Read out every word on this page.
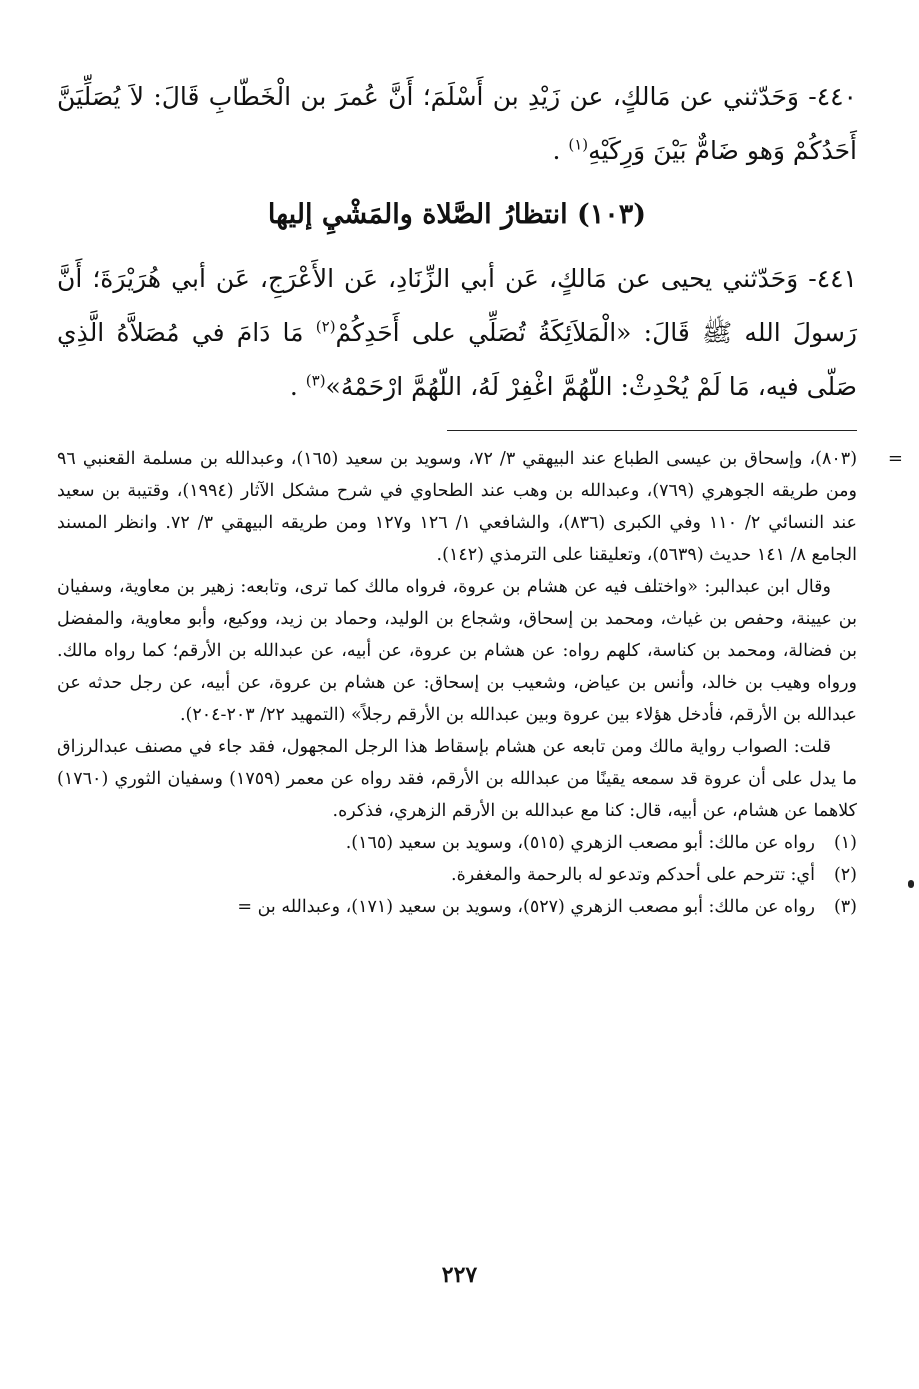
٤٤٠- وَحَدّثني عن مَالكٍ، عن زَيْدِ بن أَسْلَمَ؛ أَنَّ عُمرَ بن الْخَطّابِ قَالَ: لاَ يُصَلِّيَنَّ أَحَدُكُمْ وَهو ضَامٌّ بَيْنَ وَرِكَيْهِ$^{(١)}$ .

(١٠٣) انتظارُ الصَّلاة والمَشْيِ إليها

٤٤١- وَحَدّثني يحيى عن مَالكٍ، عَن أبي الزِّنَادِ، عَن الأَعْرَجِ، عَن أبي هُرَيْرَةَ؛ أَنَّ رَسولَ الله ﷺ قَالَ: «الْمَلاَئِكَةُ تُصَلِّي على أَحَدِكُمْ$^{(٢)}$ مَا دَامَ في مُصَلاَّهُ الَّذِي صَلّى فيه، مَا لَمْ يُحْدِثْ: اللّهُمَّ اغْفِرْ لَهُ، اللّهُمَّ ارْحَمْهُ»$^{(٣)}$ .

=

(٨٠٣)، وإسحاق بن عيسى الطباع عند البيهقي ٣/ ٧٢، وسويد بن سعيد (١٦٥)، وعبدالله بن مسلمة القعنبي ٩٦ ومن طريقه الجوهري (٧٦٩)، وعبدالله بن وهب عند الطحاوي في شرح مشكل الآثار (١٩٩٤)، وقتيبة بن سعيد عند النسائي ٢/ ١١٠ وفي الكبرى (٨٣٦)، والشافعي ١/ ١٢٦ و١٢٧ ومن طريقه البيهقي ٣/ ٧٢. وانظر المسند الجامع ٨/ ١٤١ حديث (٥٦٣٩)، وتعليقنا على الترمذي (١٤٢).

وقال ابن عبدالبر: «واختلف فيه عن هشام بن عروة، فرواه مالك كما ترى، وتابعه: زهير بن معاوية، وسفيان بن عيينة، وحفص بن غياث، ومحمد بن إسحاق، وشجاع بن الوليد، وحماد بن زيد، ووكيع، وأبو معاوية، والمفضل بن فضالة، ومحمد بن كناسة، كلهم رواه: عن هشام بن عروة، عن أبيه، عن عبدالله بن الأرقم؛ كما رواه مالك. ورواه وهيب بن خالد، وأنس بن عياض، وشعيب بن إسحاق: عن هشام بن عروة، عن أبيه، عن رجل حدثه عن عبدالله بن الأرقم، فأدخل هؤلاء بين عروة وبين عبدالله بن الأرقم رجلاً» (التمهيد ٢٢/ ٢٠٣-٢٠٤).

قلت: الصواب رواية مالك ومن تابعه عن هشام بإسقاط هذا الرجل المجهول، فقد جاء في مصنف عبدالرزاق ما يدل على أن عروة قد سمعه يقينًا من عبدالله بن الأرقم، فقد رواه عن معمر (١٧٥٩) وسفيان الثوري (١٧٦٠) كلاهما عن هشام، عن أبيه، قال: كنا مع عبدالله بن الأرقم الزهري، فذكره.

(١)
رواه عن مالك: أبو مصعب الزهري (٥١٥)، وسويد بن سعيد (١٦٥).
(٢)
أي: تترحم على أحدكم وتدعو له بالرحمة والمغفرة.
(٣)
رواه عن مالك: أبو مصعب الزهري (٥٢٧)، وسويد بن سعيد (١٧١)، وعبدالله بن =
٢٢٧
